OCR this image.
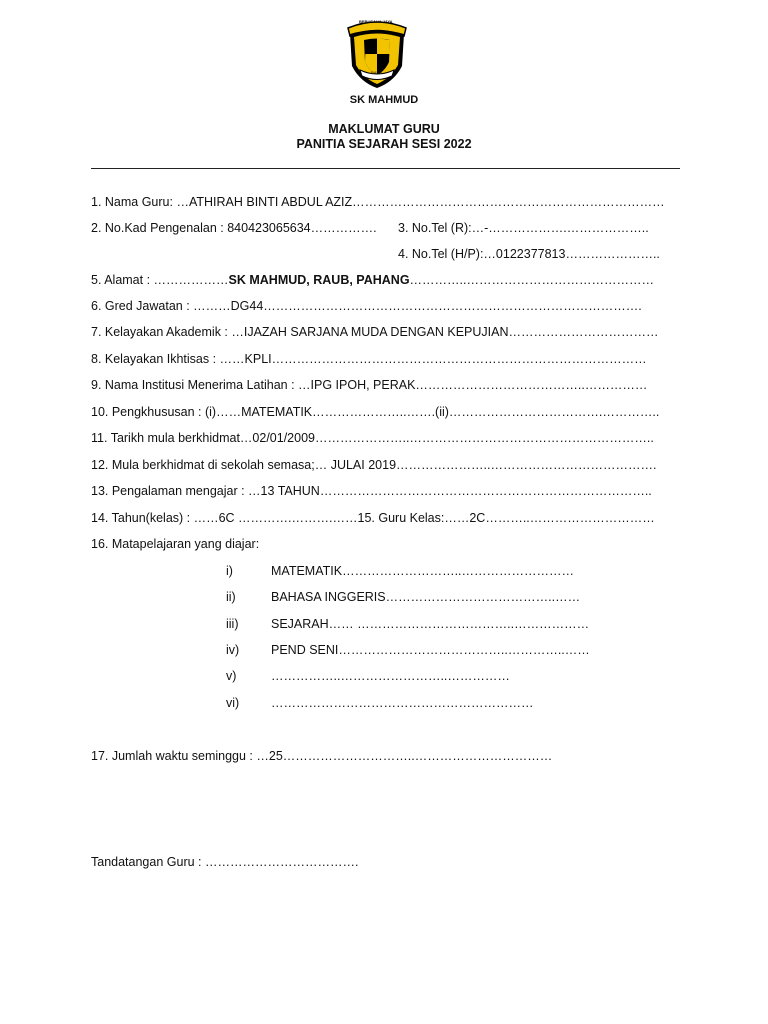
BERUSAHA JAYA
RAUB
SK MAHMUD
MAKLUMAT GURU
PANITIA SEJARAH SESI 2022
1. Nama Guru: …ATHIRAH BINTI ABDUL AZIZ…………………………………………………………………
2. No.Kad Pengenalan : 840423065634……………. 3. No.Tel (R):…-……………….………………..
4. No.Tel (H/P):…0122377813…………………..
5. Alamat : ………………SK MAHMUD, RAUB, PAHANG…………..………………………………………
6. Gred Jawatan : ………DG44……………………………………………………………………………….
7. Kelayakan Akademik : …IJAZAH SARJANA MUDA DENGAN KEPUJIAN………………………………
8. Kelayakan Ikhtisas : ……KPLI………………………………………………………………………………
9. Nama Institusi Menerima Latihan : …IPG IPOH, PERAK…………………………………..……………
10. Pengkhususan : (i)……MATEMATIK…………………..…….(ii)……………………………….…………..
11. Tarikh mula berkhidmat…02/01/2009…………………..…………………………………………………..
12. Mula berkhidmat di sekolah semasa;… JULAI 2019…………………..………………………………….
13. Pengalaman mengajar : …13 TAHUN……………………………………………………………………..
14. Tahun(kelas) : ……6C ………….……….……15. Guru Kelas:……2C………..…………………………
16. Matapelajaran yang diajar:
i)	MATEMATIK………………………..………………………
ii)	BAHASA INGGERIS…………………………………..……
iii)	SEJARAH…… ………………………………..………………
iv)	PEND SENI…………………………………..…………..……
v)	……………..……………………..……………
vi)	………………………………………………………
17. Jumlah waktu seminggu : …25…………………………..……………………………
Tandatangan Guru : ……………………………….
